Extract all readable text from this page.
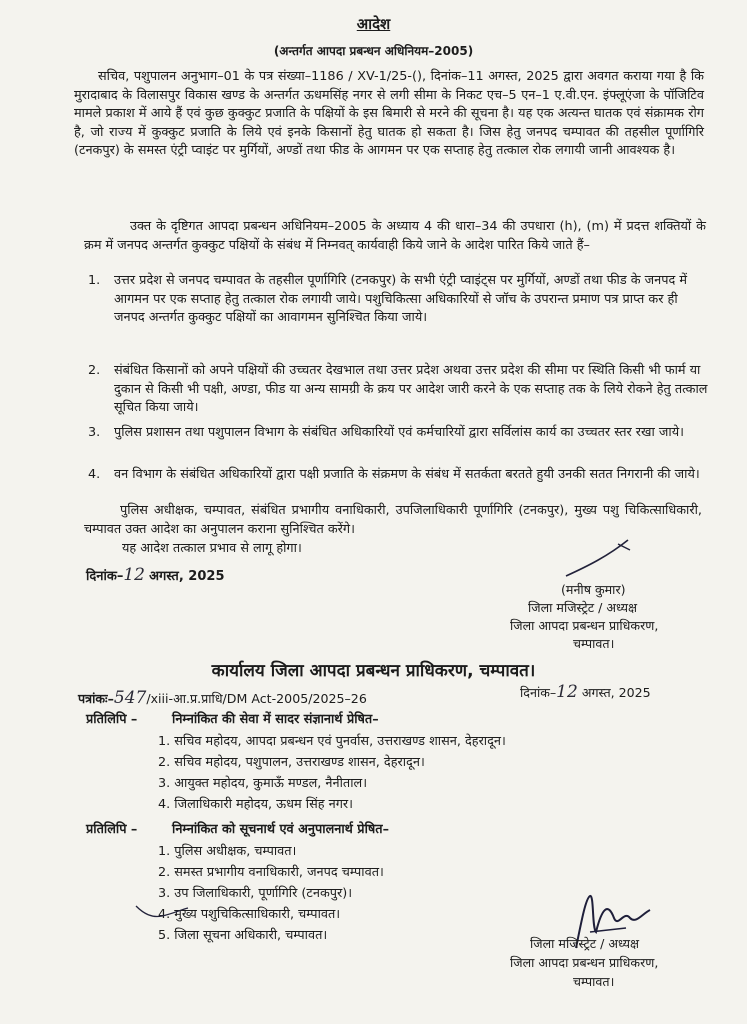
आदेश
(अन्तर्गत आपदा प्रबन्धन अधिनियम–2005)
सचिव, पशुपालन अनुभाग–01 के पत्र संख्या–1186 / XV-1/25-(), दिनांक–11 अगस्त, 2025 द्वारा अवगत कराया गया है कि मुरादाबाद के विलासपुर विकास खण्ड के अन्तर्गत ऊधमसिंह नगर से लगी सीमा के निकट एच–5 एन–1 ए.वी.एन. इंफ्लूएंजा के पॉजिटिव मामले प्रकाश में आये हैं एवं कुछ कुक्कुट प्रजाति के पक्षियों के इस बिमारी से मरने की सूचना है। यह एक अत्यन्त घातक एवं संक्रामक रोग है, जो राज्य में कुक्कुट प्रजाति के लिये एवं इनके किसानों हेतु घातक हो सकता है। जिस हेतु जनपद चम्पावत की तहसील पूर्णागिरि (टनकपुर) के समस्त एंट्री प्वाइंट पर मुर्गियों, अण्डों तथा फीड के आगमन पर एक सप्ताह हेतु तत्काल रोक लगायी जानी आवश्यक है।
उक्त के दृष्टिगत आपदा प्रबन्धन अधिनियम–2005 के अध्याय 4 की धारा–34 की उपधारा (h), (m) में प्रदत्त शक्तियों के क्रम में जनपद अन्तर्गत कुक्कुट पक्षियों के संबंध में निम्नवत् कार्यवाही किये जाने के आदेश पारित किये जाते हैं–
1. उत्तर प्रदेश से जनपद चम्पावत के तहसील पूर्णागिरि (टनकपुर) के सभी एंट्री प्वाइंट्स पर मुर्गियों, अण्डों तथा फीड के जनपद में आगमन पर एक सप्ताह हेतु तत्काल रोक लगायी जाये। पशुचिकित्सा अधिकारियों से जॉच के उपरान्त प्रमाण पत्र प्राप्त कर ही जनपद अन्तर्गत कुक्कुट पक्षियों का आवागमन सुनिश्चित किया जाये।
2. संबंधित किसानों को अपने पक्षियों की उच्चतर देखभाल तथा उत्तर प्रदेश अथवा उत्तर प्रदेश की सीमा पर स्थिति किसी भी फार्म या दुकान से किसी भी पक्षी, अण्डा, फीड या अन्य सामग्री के क्रय पर आदेश जारी करने के एक सप्ताह तक के लिये रोकने हेतु तत्काल सूचित किया जाये।
3. पुलिस प्रशासन तथा पशुपालन विभाग के संबंधित अधिकारियों एवं कर्मचारियों द्वारा सर्विलांस कार्य का उच्चतर स्तर रखा जाये।
4. वन विभाग के संबंधित अधिकारियों द्वारा पक्षी प्रजाति के संक्रमण के संबंध में सतर्कता बरतते हुयी उनकी सतत निगरानी की जाये।
पुलिस अधीक्षक, चम्पावत, संबंधित प्रभागीय वनाधिकारी, उपजिलाधिकारी पूर्णागिरि (टनकपुर), मुख्य पशु चिकित्साधिकारी, चम्पावत उक्त आदेश का अनुपालन कराना सुनिश्चित करेंगे।
यह आदेश तत्काल प्रभाव से लागू होगा।
दिनांक–12 अगस्त, 2025
(मनीष कुमार)
जिला मजिस्ट्रेट / अध्यक्ष
जिला आपदा प्रबन्धन प्राधिकरण,
चम्पावत।
कार्यालय जिला आपदा प्रबन्धन प्राधिकरण, चम्पावत।
पत्रांकः–547/xiii-आ.प्र.प्राधि/DM Act-2005/2025–26	दिनांक–12 अगस्त, 2025
प्रतिलिपि –	निम्नांकित की सेवा में सादर संज्ञानार्थ प्रेषित–
1. सचिव महोदय, आपदा प्रबन्धन एवं पुनर्वास, उत्तराखण्ड शासन, देहरादून।
2. सचिव महोदय, पशुपालन, उत्तराखण्ड शासन, देहरादून।
3. आयुक्त महोदय, कुमाऊँ मण्डल, नैनीताल।
4. जिलाधिकारी महोदय, ऊधम सिंह नगर।
प्रतिलिपि –	निम्नांकित को सूचनार्थ एवं अनुपालनार्थ प्रेषित–
1. पुलिस अधीक्षक, चम्पावत।
2. समस्त प्रभागीय वनाधिकारी, जनपद चम्पावत।
3. उप जिलाधिकारी, पूर्णागिरि (टनकपुर)।
4. मुख्य पशुचिकित्साधिकारी, चम्पावत।
5. जिला सूचना अधिकारी, चम्पावत।
जिला मजिस्ट्रेट / अध्यक्ष
जिला आपदा प्रबन्धन प्राधिकरण,
चम्पावत।
